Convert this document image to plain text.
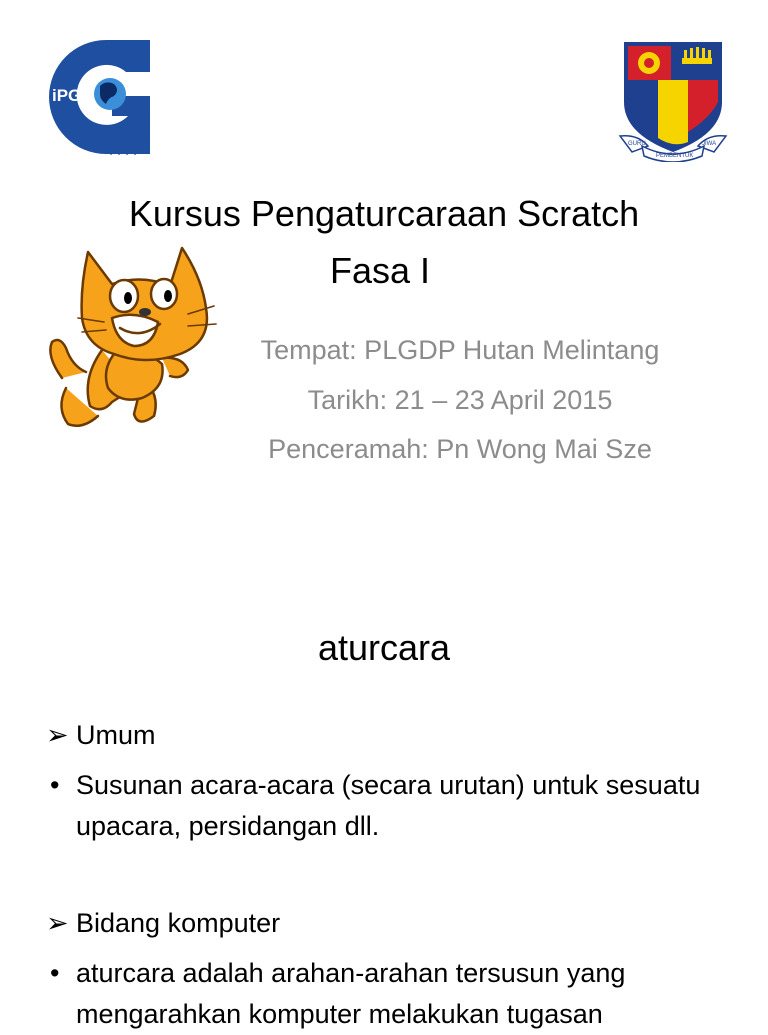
iPG
GURU	JIWA
PEMBENTUK
Kursus Pengaturcaraan Scratch
Fasa I
Tempat: PLGDP Hutan Melintang
Tarikh: 21 – 23 April 2015
Penceramah: Pn Wong Mai Sze
aturcara
➢ Umum
• Susunan acara-acara (secara urutan) untuk sesuatu upacara, persidangan dll.
➢ Bidang komputer
• aturcara adalah arahan-arahan tersusun yang mengarahkan komputer melakukan tugasan
